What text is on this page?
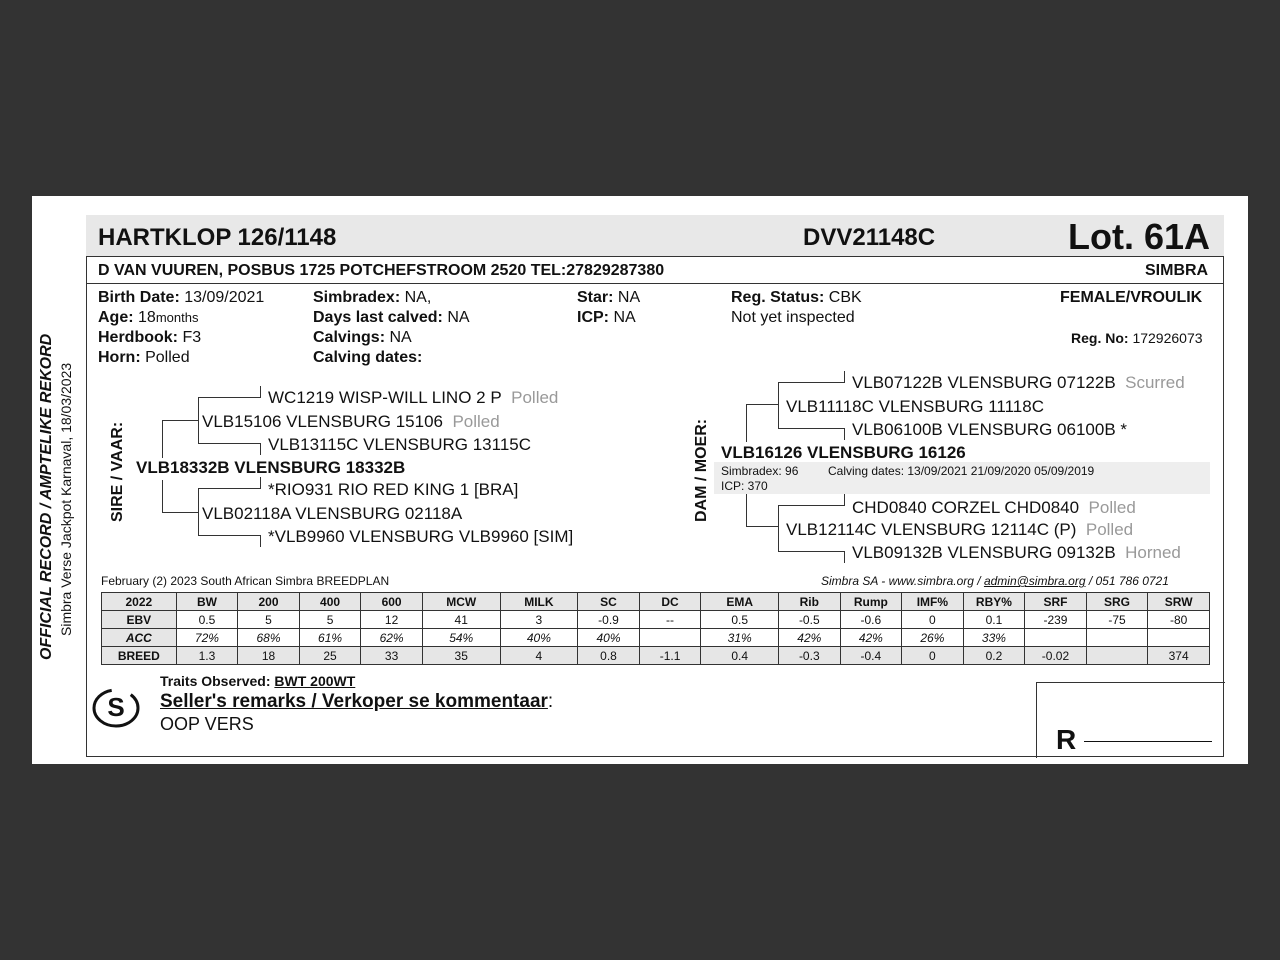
OFFICIAL RECORD / AMPTELIKE REKORD Simbra Verse Jackpot Karnaval, 18/03/2023
HARTKLOP 126/1148	DVV21148C	Lot. 61A
D VAN VUUREN, POSBUS 1725 POTCHEFSTROOM 2520 TEL:27829287380	SIMBRA
Birth Date: 13/09/2021
Age: 18months
Herdbook: F3
Horn: Polled
Simbradex: NA,
Days last calved: NA
Calvings: NA
Calving dates:
Star: NA
ICP: NA
Reg. Status: CBK
Not yet inspected
FEMALE/VROULIK
Reg. No: 172926073
SIRE / VAAR:
WC1219 WISP-WILL LINO 2 P Polled
VLB15106 VLENSBURG 15106 Polled
VLB13115C VLENSBURG 13115C
VLB18332B VLENSBURG 18332B
*RIO931 RIO RED KING 1 [BRA]
VLB02118A VLENSBURG 02118A
*VLB9960 VLENSBURG VLB9960 [SIM]
DAM / MOER:
VLB07122B VLENSBURG 07122B Scurred
VLB11118C VLENSBURG 11118C
VLB06100B VLENSBURG 06100B *
VLB16126 VLENSBURG 16126
Simbradex: 96 Calving dates: 13/09/2021 21/09/2020 05/09/2019
ICP: 370
CHD0840 CORZEL CHD0840 Polled
VLB12114C VLENSBURG 12114C (P) Polled
VLB09132B VLENSBURG 09132B Horned
February (2) 2023 South African Simbra BREEDPLAN	Simbra SA - www.simbra.org / admin@simbra.org / 051 786 0721
2022	BW	200	400	600	MCW	MILK	SC	DC	EMA	Rib	Rump	IMF%	RBY%	SRF	SRG	SRW
EBV	0.5	5	5	12	41	3	-0.9	--	0.5	-0.5	-0.6	0	0.1	-239	-75	-80
ACC	72%	68%	61%	62%	54%	40%	40%		31%	42%	42%	26%	33%			
BREED	1.3	18	25	33	35	4	0.8	-1.1	0.4	-0.3	-0.4	0	0.2	-0.02		374
S
Traits Observed: BWT 200WT
Seller's remarks / Verkoper se kommentaar:
OOP VERS	R
